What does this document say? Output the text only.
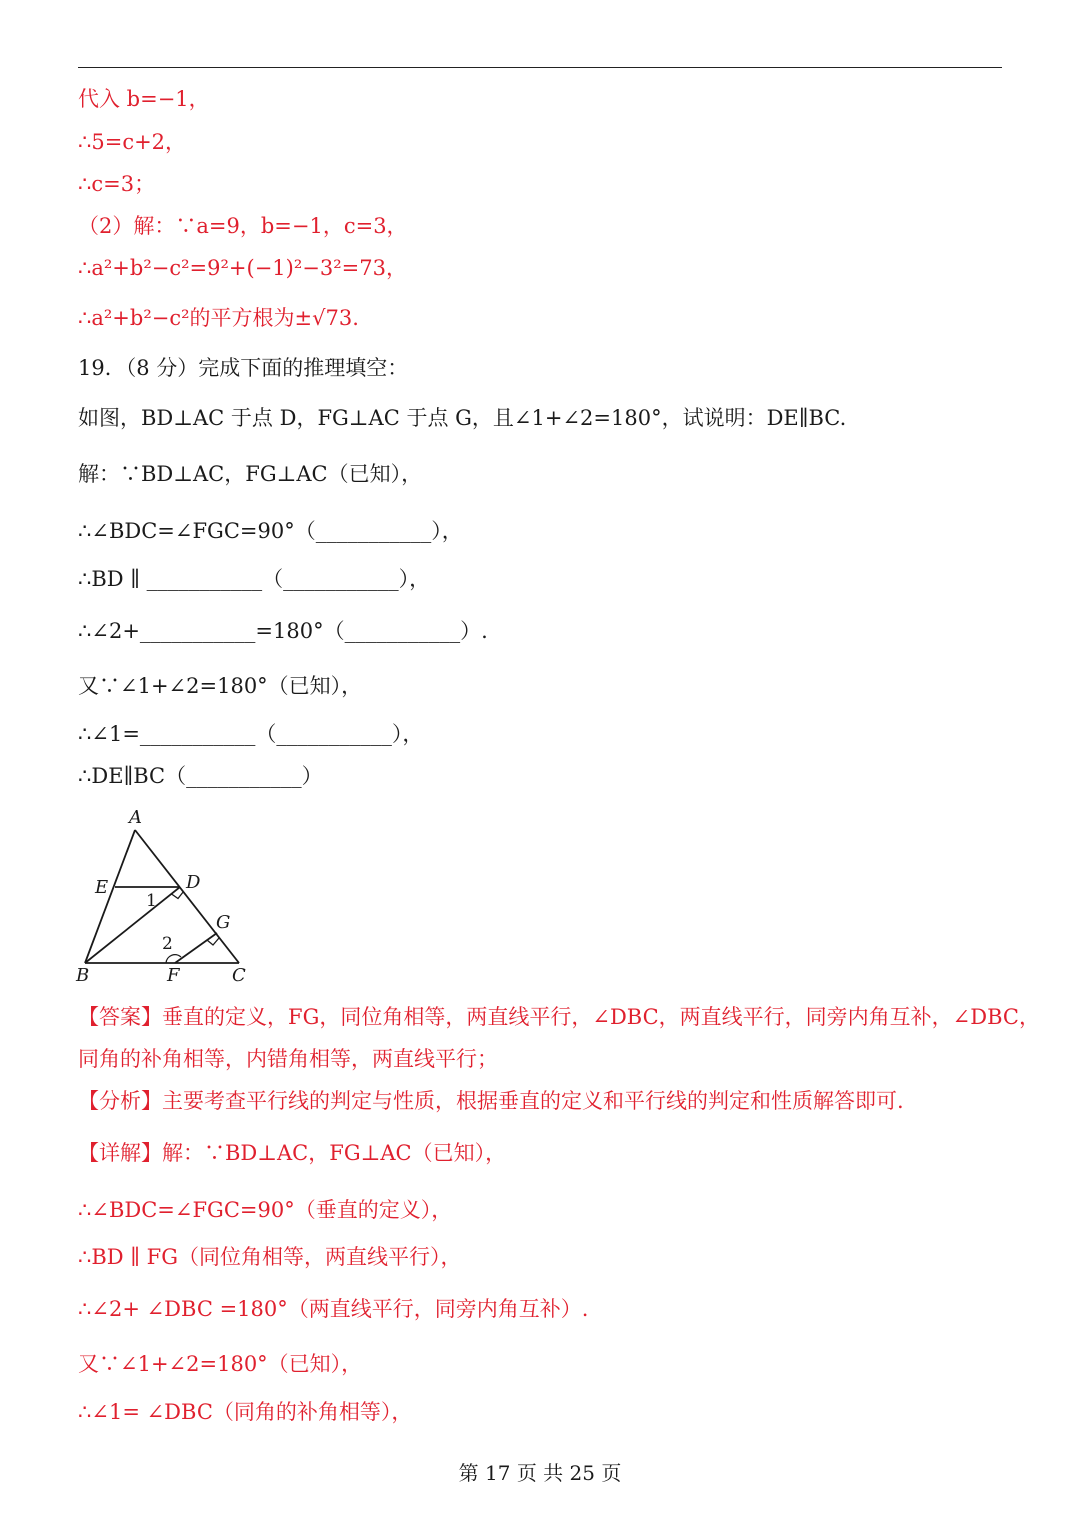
代入 b=−1，
∴5=c+2，
∴c=3；
（2）解：∵a=9，b=−1，c=3，
∴a²+b²−c²=9²+(−1)²−3²=73，
∴a²+b²−c²的平方根为±√73.
19．（8 分）完成下面的推理填空：
如图，BD⊥AC 于点 D，FG⊥AC 于点 G，且∠1+∠2=180°，试说明：DE∥BC.
解：∵BD⊥AC，FG⊥AC（已知），
∴∠BDC=∠FGC=90°（___________），
∴BD ∥ ___________（___________），
∴∠2+___________=180°（___________）.
又∵∠1+∠2=180°（已知），
∴∠1=___________（___________），
∴DE∥BC（___________）
A
E	D
G
B	F	C
1
2
【答案】垂直的定义，FG，同位角相等，两直线平行，∠DBC，两直线平行，同旁内角互补，∠DBC，
同角的补角相等，内错角相等，两直线平行；
【分析】主要考查平行线的判定与性质，根据垂直的定义和平行线的判定和性质解答即可.
【详解】解：∵BD⊥AC，FG⊥AC（已知），
∴∠BDC=∠FGC=90°（垂直的定义），
∴BD ∥ FG（同位角相等，两直线平行），
∴∠2+ ∠DBC =180°（两直线平行，同旁内角互补）.
又∵∠1+∠2=180°（已知），
∴∠1= ∠DBC（同角的补角相等），
第 17 页 共 25 页
